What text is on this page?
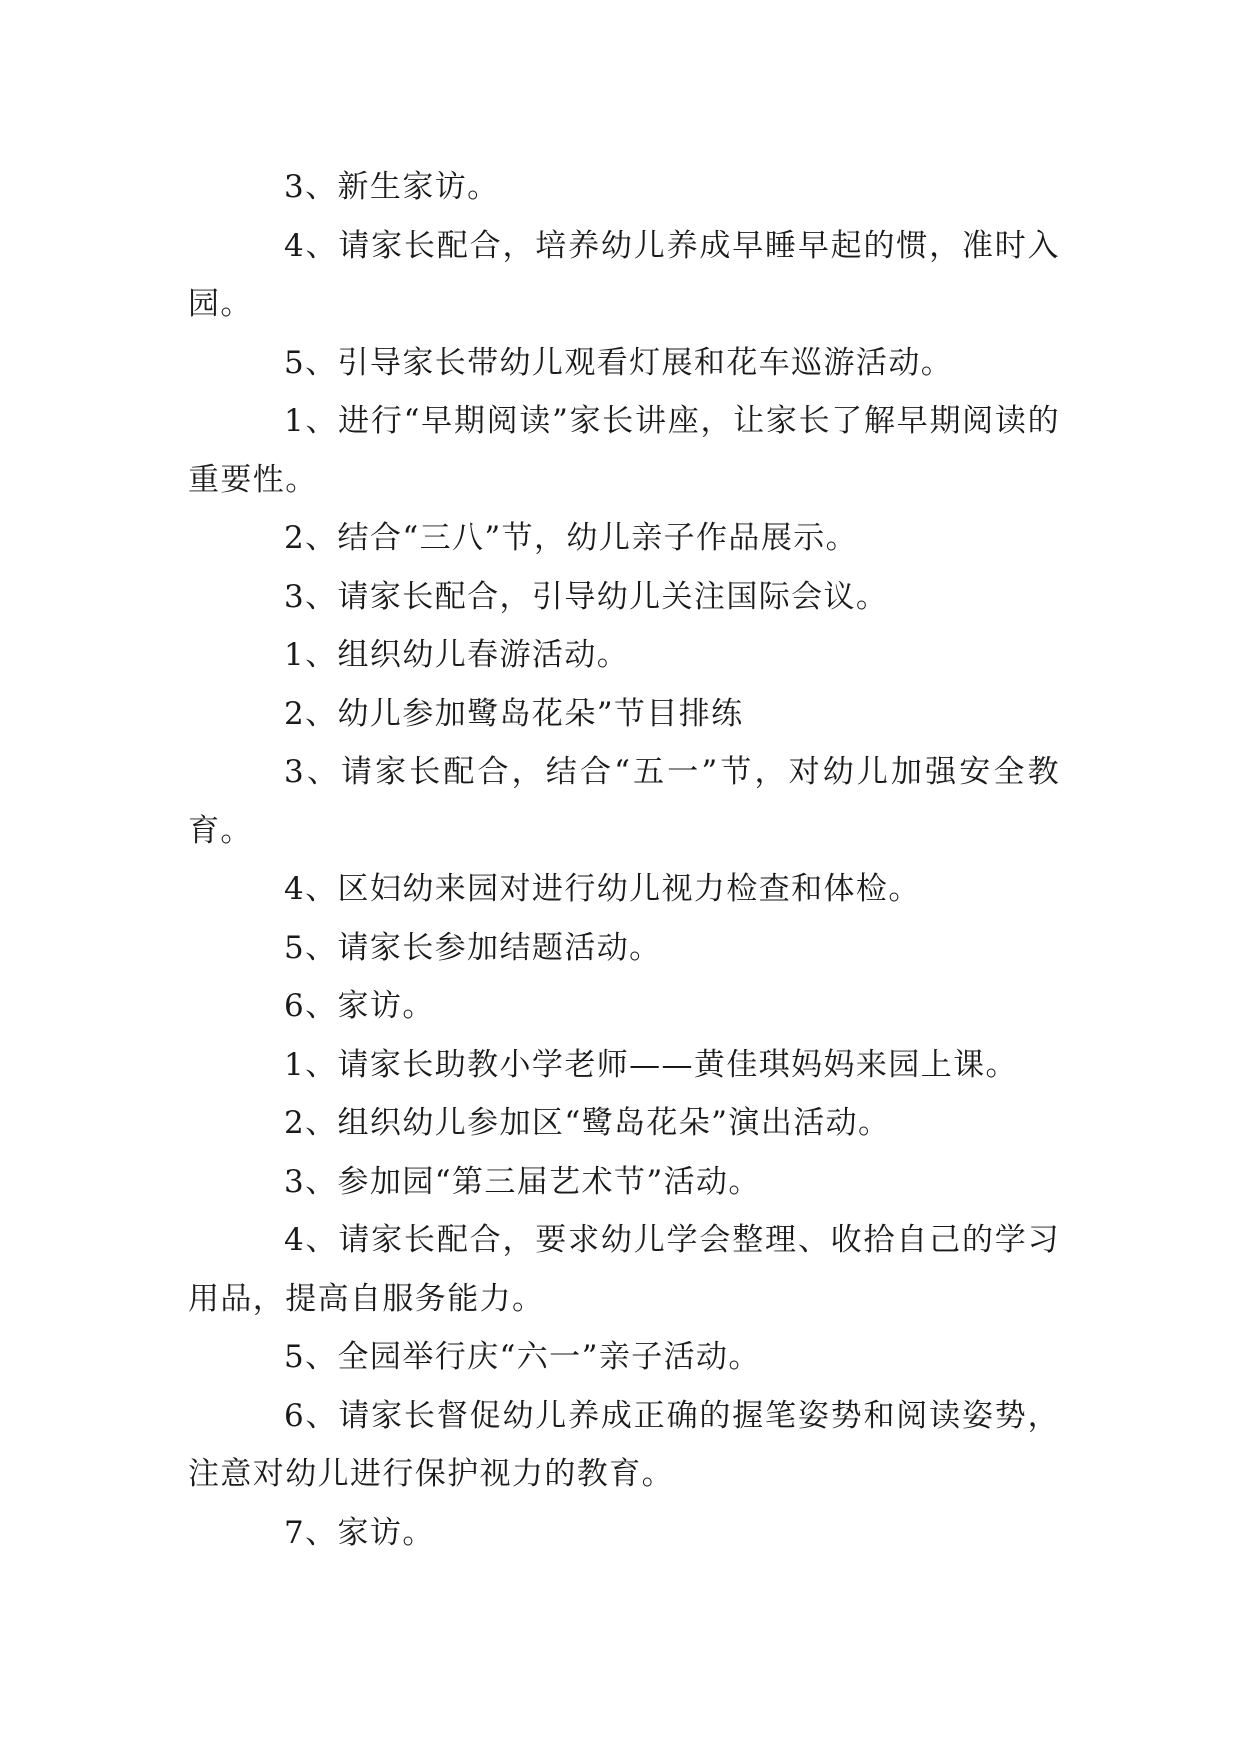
3、新生家访。

4、请家长配合，培养幼儿养成早睡早起的惯，准时入园。

5、引导家长带幼儿观看灯展和花车巡游活动。

1、进行“早期阅读”家长讲座，让家长了解早期阅读的重要性。

2、结合“三八”节，幼儿亲子作品展示。

3、请家长配合，引导幼儿关注国际会议。

1、组织幼儿春游活动。

2、幼儿参加鹭岛花朵”节目排练

3、请家长配合，结合“五一”节，对幼儿加强安全教育。

4、区妇幼来园对进行幼儿视力检查和体检。

5、请家长参加结题活动。

6、家访。

1、请家长助教小学老师——黄佳琪妈妈来园上课。

2、组织幼儿参加区“鹭岛花朵”演出活动。

3、参加园“第三届艺术节”活动。

4、请家长配合，要求幼儿学会整理、收拾自己的学习用品，提高自服务能力。

5、全园举行庆“六一”亲子活动。

6、请家长督促幼儿养成正确的握笔姿势和阅读姿势，注意对幼儿进行保护视力的教育。

7、家访。
